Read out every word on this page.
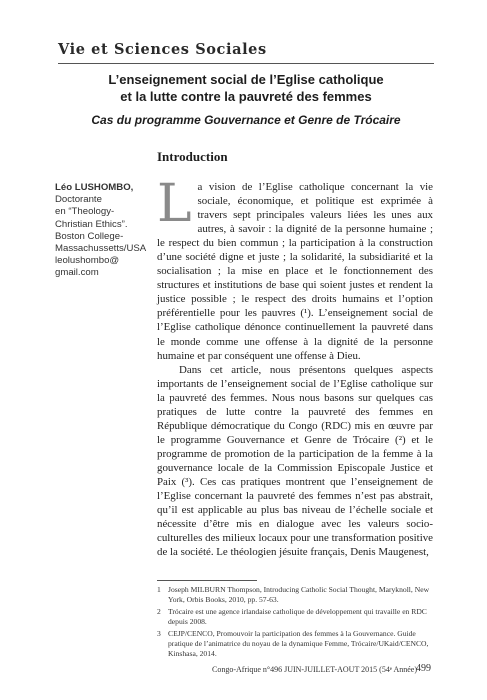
Vie et Sciences Sociales
L’enseignement social de l’Eglise catholique
et la lutte contre la pauvreté des femmes
Cas du programme Gouvernance et Genre de Trócaire
Introduction
Léo LUSHOMBO,
Doctorante
en “Theology-
Christian Ethics”.
Boston College-
Massachussetts/USA
leolushombo@
gmail.com

La vision de l’Eglise catholique concernant la vie sociale, économique, et politique est exprimée à travers sept principales valeurs liées les unes aux autres, à savoir : la dignité de la personne humaine ; le respect du bien commun ; la participation à la construction d’une société digne et juste ; la solidarité, la subsidiarité et la socialisation ; la mise en place et le fonctionnement des structures et institutions de base qui soient justes et rendent la justice possible ; le respect des droits humains et l’option préférentielle pour les pauvres (¹). L’enseignement social de l’Eglise catholique dénonce continuellement la pauvreté dans le monde comme une offense à la dignité de la personne humaine et par conséquent une offense à Dieu.

Dans cet article, nous présentons quelques aspects importants de l’enseignement social de l’Eglise catholique sur la pauvreté des femmes. Nous nous basons sur quelques cas pratiques de lutte contre la pauvreté des femmes en République démocratique du Congo (RDC) mis en œuvre par le programme Gouvernance et Genre de Trócaire (²) et le programme de promotion de la participation de la femme à la gouvernance locale de la Commission Episcopale Justice et Paix (³). Ces cas pratiques montrent que l’enseignement de l’Eglise concernant la pauvreté des femmes n’est pas abstrait, qu’il est applicable au plus bas niveau de l’échelle sociale et nécessite d’être mis en dialogue avec les valeurs socio-culturelles des milieux locaux pour une transformation positive de la société. Le théologien jésuite français, Denis Maugenest,

1 Joseph MILBURN Thompson, Introducing Catholic Social Thought, Maryknoll, New York, Orbis Books, 2010, pp. 57-63.
2 Trócaire est une agence irlandaise catholique de développement qui travaille en RDC depuis 2008.
3 CEJP/CENCO, Promouvoir la participation des femmes à la Gouvernance. Guide pratique de l’animatrice du noyau de la dynamique Femme, Trócaire/UKaid/CENCO, Kinshasa, 2014.
Congo-Afrique n°496 JUIN-JUILLET-AOUT 2015 (54ᵉ Année) 499
